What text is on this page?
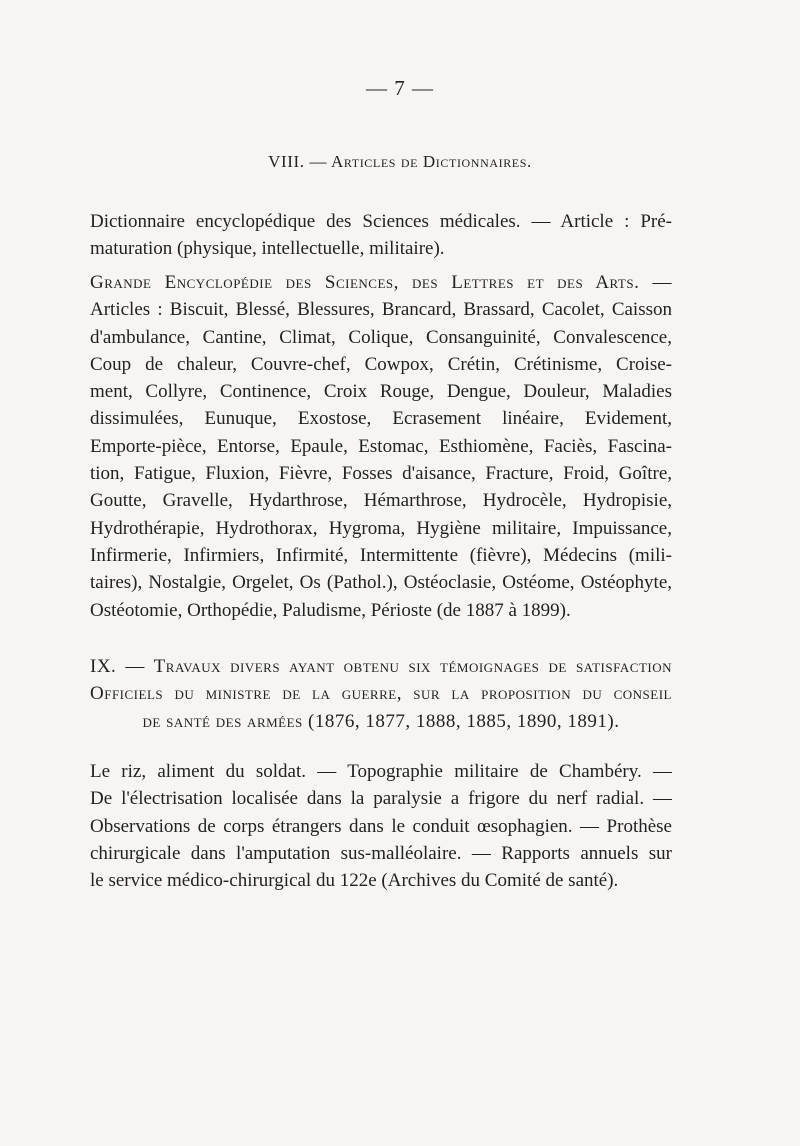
— 7 —
VIII. — Articles de Dictionnaires.
Dictionnaire encyclopédique des Sciences médicales. — Article : Pré-
maturation (physique, intellectuelle, militaire).
Grande Encyclopédie des Sciences, des Lettres et des Arts. —
Articles : Biscuit, Blessé, Blessures, Brancard, Brassard, Cacolet, Caisson
d'ambulance, Cantine, Climat, Colique, Consanguinité, Convalescence,
Coup de chaleur, Couvre-chef, Cowpox, Crétin, Crétinisme, Croise-
ment, Collyre, Continence, Croix Rouge, Dengue, Douleur, Maladies
dissimulées, Eunuque, Exostose, Ecrasement linéaire, Evidement,
Emporte-pièce, Entorse, Epaule, Estomac, Esthiomène, Faciès, Fascina-
tion, Fatigue, Fluxion, Fièvre, Fosses d'aisance, Fracture, Froid, Goître,
Goutte, Gravelle, Hydarthrose, Hémarthrose, Hydrocèle, Hydropisie,
Hydrothérapie, Hydrothorax, Hygroma, Hygiène militaire, Impuissance,
Infirmerie, Infirmiers, Infirmité, Intermittente (fièvre), Médecins (mili-
taires), Nostalgie, Orgelet, Os (Pathol.), Ostéoclasie, Ostéome, Ostéophyte,
Ostéotomie, Orthopédie, Paludisme, Périoste (de 1887 à 1899).
IX. — Travaux divers ayant obtenu six témoignages de satisfaction
Officiels du ministre de la guerre, sur la proposition du conseil
de santé des armées (1876, 1877, 1888, 1885, 1890, 1891).
Le riz, aliment du soldat. — Topographie militaire de Chambéry. —
De l'électrisation localisée dans la paralysie a frigore du nerf radial. —
Observations de corps étrangers dans le conduit œsophagien. — Prothèse
chirurgicale dans l'amputation sus-malléolaire. — Rapports annuels sur
le service médico-chirurgical du 122e (Archives du Comité de santé).
